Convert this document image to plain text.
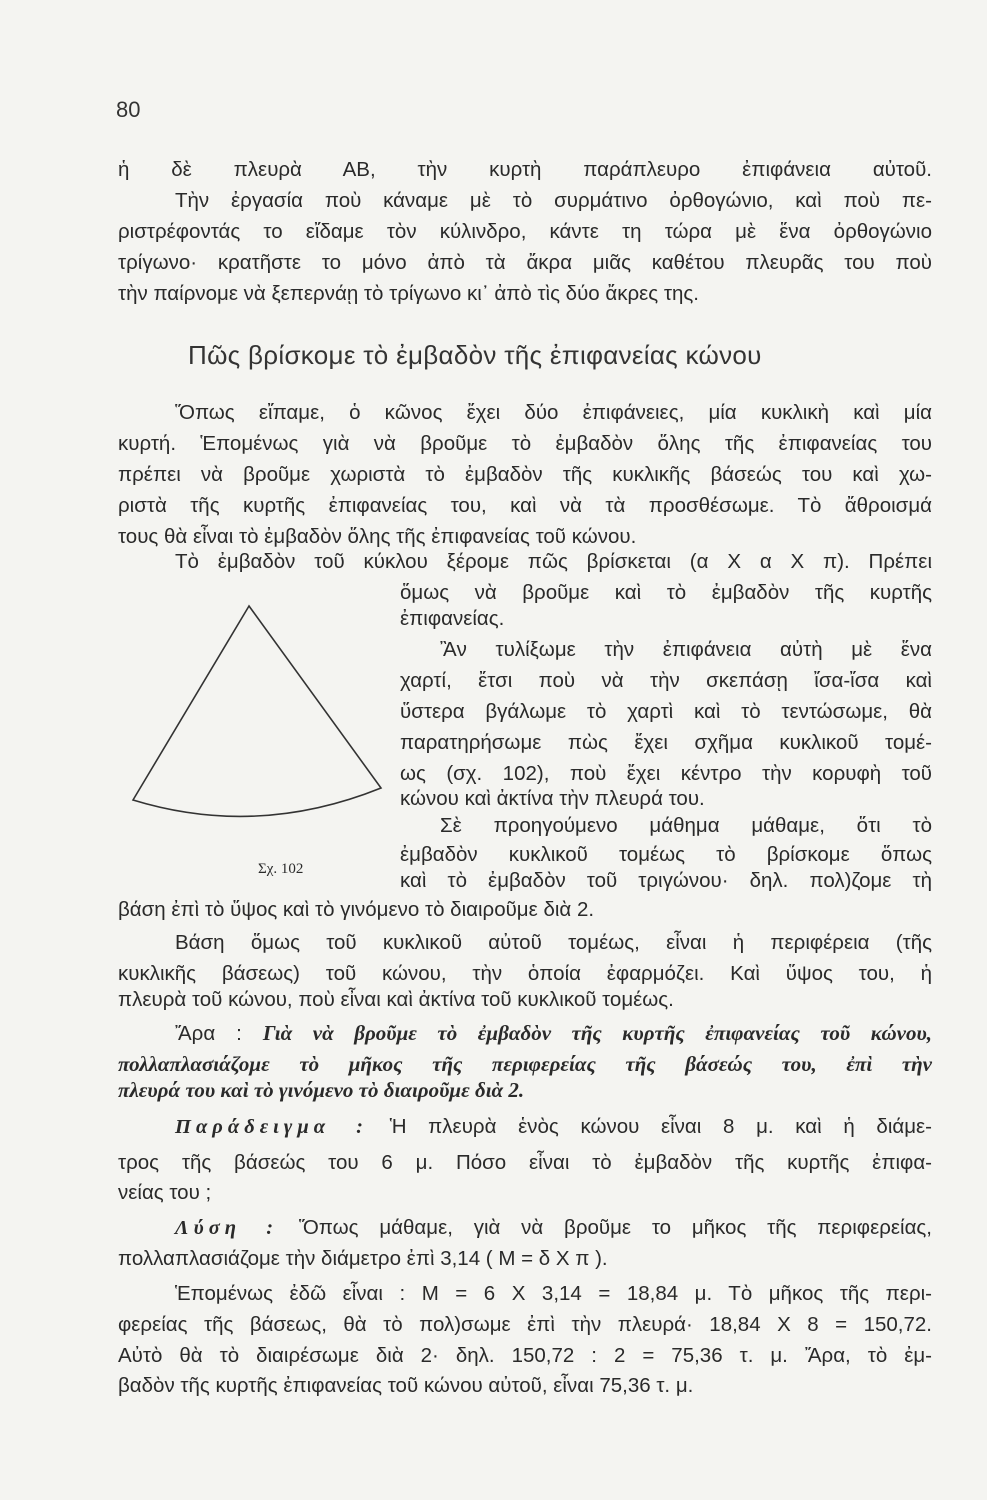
80
ἡ δὲ πλευρὰ ΑΒ, τὴν κυρτὴ παράπλευρο ἐπιφάνεια αὐτοῦ.
Τὴν ἐργασία ποὺ κάναμε μὲ τὸ συρμάτινο ὀρθογώνιο, καὶ ποὺ πε-
ριστρέφοντάς το εἴδαμε τὸν κύλινδρο, κάντε τη τώρα μὲ ἕνα ὀρθογώνιο
τρίγωνο· κρατῆστε το μόνο ἀπὸ τὰ ἄκρα μιᾶς καθέτου πλευρᾶς του ποὺ
τὴν παίρνομε νὰ ξεπερνάῃ τὸ τρίγωνο κι᾽ ἀπὸ τὶς δύο ἄκρες της.
Πῶς βρίσκομε τὸ ἐμβαδὸν τῆς ἐπιφανείας κώνου
Ὅπως εἴπαμε, ὁ κῶνος ἔχει δύο ἐπιφάνειες, μία κυκλικὴ καὶ μία
κυρτή. Ἑπομένως γιὰ νὰ βροῦμε τὸ ἐμβαδὸν ὅλης τῆς ἐπιφανείας του
πρέπει νὰ βροῦμε χωριστὰ τὸ ἐμβαδὸν τῆς κυκλικῆς βάσεώς του καὶ χω-
ριστὰ τῆς κυρτῆς ἐπιφανείας του, καὶ νὰ τὰ προσθέσωμε. Τὸ ἄθροισμά
τους θὰ εἶναι τὸ ἐμβαδὸν ὅλης τῆς ἐπιφανείας τοῦ κώνου.
Τὸ ἐμβαδὸν τοῦ κύκλου ξέρομε πῶς βρίσκεται (α Χ α Χ π). Πρέπει
ὅμως νὰ βροῦμε καὶ τὸ ἐμβαδὸν τῆς κυρτῆς
ἐπιφανείας.
Ἂν τυλίξωμε τὴν ἐπιφάνεια αὐτὴ μὲ ἕνα
χαρτί, ἔτσι ποὺ νὰ τὴν σκεπάσῃ ἴσα-ἴσα καὶ
ὕστερα βγάλωμε τὸ χαρτὶ καὶ τὸ τεντώσωμε, θὰ
παρατηρήσωμε πὼς ἔχει σχῆμα κυκλικοῦ τομέ-
ως (σχ. 102), ποὺ ἔχει κέντρο τὴν κορυφὴ τοῦ
κώνου καὶ ἀκτίνα τὴν πλευρά του.
Σὲ προηγούμενο μάθημα μάθαμε, ὅτι τὸ
ἐμβαδὸν κυκλικοῦ τομέως τὸ βρίσκομε ὅπως
καὶ τὸ ἐμβαδὸν τοῦ τριγώνου· δηλ. πολ)ζομε τὴ
Σχ. 102
βάση ἐπὶ τὸ ὕψος καὶ τὸ γινόμενο τὸ διαιροῦμε διὰ 2.
Βάση ὅμως τοῦ κυκλικοῦ αὐτοῦ τομέως, εἶναι ἡ περιφέρεια (τῆς
κυκλικῆς βάσεως) τοῦ κώνου, τὴν ὁποία ἐφαρμόζει. Καὶ ὕψος του, ἡ
πλευρὰ τοῦ κώνου, ποὺ εἶναι καὶ ἀκτίνα τοῦ κυκλικοῦ τομέως.
Ἄρα : Γιὰ νὰ βροῦμε τὸ ἐμβαδὸν τῆς κυρτῆς ἐπιφανείας τοῦ κώνου,
πολλαπλασιάζομε τὸ μῆκος τῆς περιφερείας τῆς βάσεώς του, ἐπὶ τὴν
πλευρά του καὶ τὸ γινόμενο τὸ διαιροῦμε διὰ 2.
Παράδειγμα : Ἡ πλευρὰ ἑνὸς κώνου εἶναι 8 μ. καὶ ἡ διάμε-
τρος τῆς βάσεώς του 6 μ. Πόσο εἶναι τὸ ἐμβαδὸν τῆς κυρτῆς ἐπιφα-
νείας του ;
Λύση : Ὅπως μάθαμε, γιὰ νὰ βροῦμε το μῆκος τῆς περιφερείας,
πολλαπλασιάζομε τὴν διάμετρο ἐπὶ 3,14 ( Μ = δ Χ π ).
Ἑπομένως ἐδῶ εἶναι : Μ = 6 Χ 3,14 = 18,84 μ. Τὸ μῆκος τῆς περι-
φερείας τῆς βάσεως, θὰ τὸ πολ)σωμε ἐπὶ τὴν πλευρά· 18,84 Χ 8 = 150,72.
Αὐτὸ θὰ τὸ διαιρέσωμε διὰ 2· δηλ. 150,72 : 2 = 75,36 τ. μ. Ἄρα, τὸ ἐμ-
βαδὸν τῆς κυρτῆς ἐπιφανείας τοῦ κώνου αὐτοῦ, εἶναι 75,36 τ. μ.
